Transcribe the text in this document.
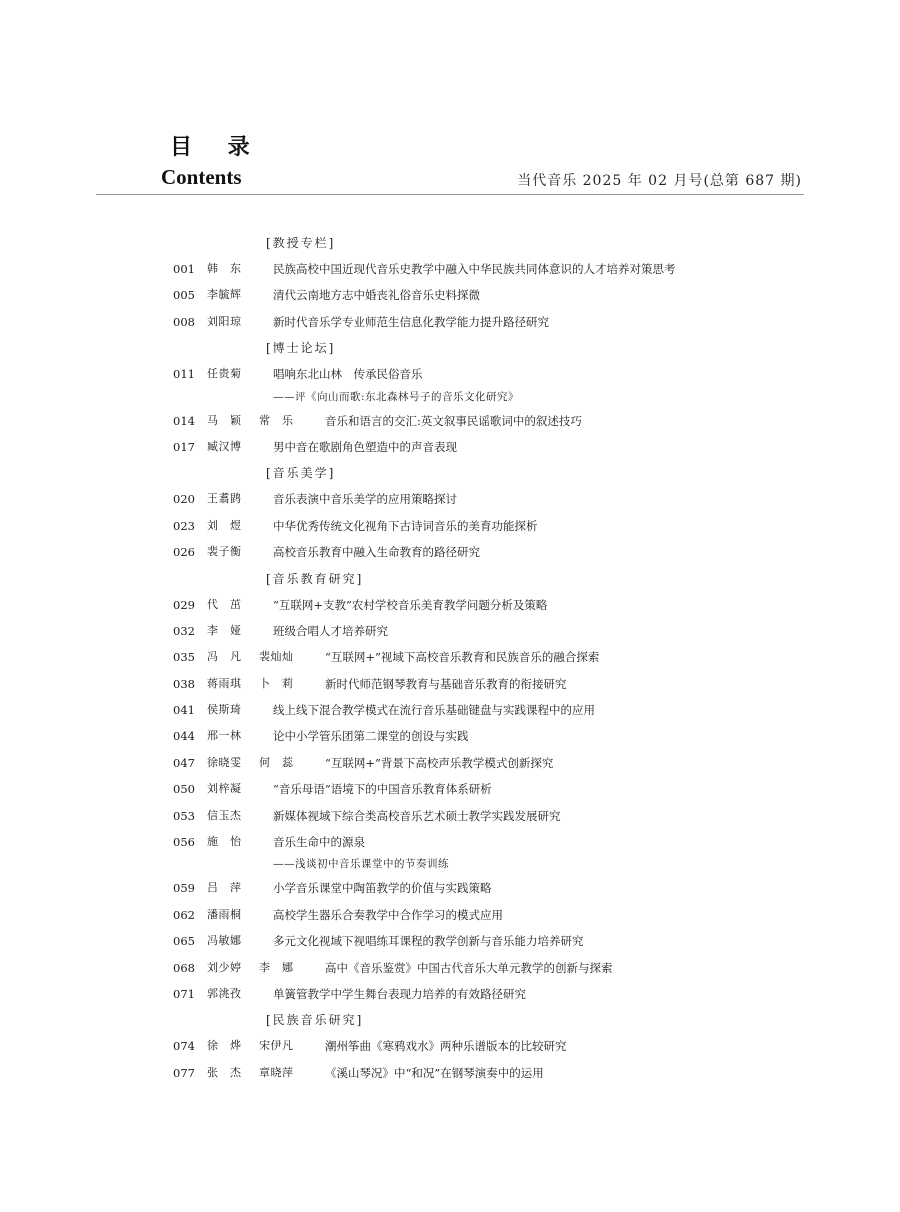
目 录
Contents	当代音乐 2025 年 02 月号(总第 687 期)
[教授专栏]
001 韩　东	民族高校中国近现代音乐史教学中融入中华民族共同体意识的人才培养对策思考
005 李毓辉	清代云南地方志中婚丧礼俗音乐史料探微
008 刘阳琼	新时代音乐学专业师范生信息化教学能力提升路径研究
[博士论坛]
011 任贵菊	唱响东北山林　传承民俗音乐
——评《向山而歌:东北森林号子的音乐文化研究》
014 马　颖 常　乐	音乐和语言的交汇:英文叙事民谣歌词中的叙述技巧
017 臧汉博	男中音在歌剧角色塑造中的声音表现
[音乐美学]
020 王翥鹍	音乐表演中音乐美学的应用策略探讨
023 刘　煜	中华优秀传统文化视角下古诗词音乐的美育功能探析
026 裴子衡	高校音乐教育中融入生命教育的路径研究
[音乐教育研究]
029 代　茁	“互联网+支教”农村学校音乐美育教学问题分析及策略
032 李　娅	班级合唱人才培养研究
035 冯　凡 裴灿灿	“互联网+”视域下高校音乐教育和民族音乐的融合探索
038 蒋雨琪 卜　莉	新时代师范钢琴教育与基础音乐教育的衔接研究
041 侯斯琦	线上线下混合教学模式在流行音乐基础键盘与实践课程中的应用
044 邢一林	论中小学管乐团第二课堂的创设与实践
047 徐晓雯 何　蕊	“互联网+”背景下高校声乐教学模式创新探究
050 刘梓凝	“音乐母语”语境下的中国音乐教育体系研析
053 信玉杰	新媒体视域下综合类高校音乐艺术硕士教学实践发展研究
056 施　怡	音乐生命中的源泉
——浅谈初中音乐课堂中的节奏训练
059 吕　萍	小学音乐课堂中陶笛教学的价值与实践策略
062 潘雨桐	高校学生器乐合奏教学中合作学习的模式应用
065 冯敏娜	多元文化视域下视唱练耳课程的教学创新与音乐能力培养研究
068 刘少婷 李　娜	高中《音乐鉴赏》中国古代音乐大单元教学的创新与探索
071 郭洮孜	单簧管教学中学生舞台表现力培养的有效路径研究
[民族音乐研究]
074 徐　烨 宋伊凡	潮州筝曲《寒鸦戏水》两种乐谱版本的比较研究
077 张　杰 章晓萍	《溪山琴况》中“和况”在钢琴演奏中的运用
